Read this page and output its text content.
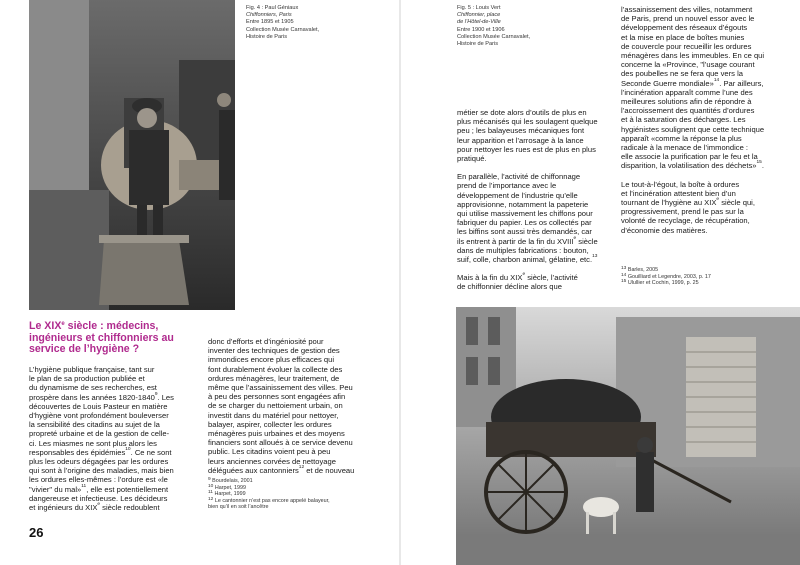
Fig. 4 : Paul Géniaux
Chiffonniers, Paris
Entre 1895 et 1905
Collection Musée Carnavalet,
Histoire de Paris
Le XIXe siècle : médecins,
ingénieurs et chiffonniers au
service de l’hygiène ?
L’hygiène publique française, tant sur
le plan de sa production publiée et
du dynamisme de ses recherches, est
prospère dans les années 1820-1840$^9$. Les
découvertes de Louis Pasteur en matière
d’hygiène vont profondément bouleverser
la sensibilité des citadins au sujet de la
propreté urbaine et de la gestion de celle-
ci. Les miasmes ne sont plus alors les
responsables des épidémies$^{10}$. Ce ne sont
plus les odeurs dégagées par les ordures
qui sont à l’origine des maladies, mais bien
les ordures elles-mêmes : l’ordure est «le
"vivier" du mal»$^{11}$, elle est potentiellement
dangereuse et infectieuse. Les décideurs
et ingénieurs du XIXe siècle redoublent
donc d’efforts et d’ingéniosité pour
inventer des techniques de gestion des
immondices encore plus efficaces qui
font durablement évoluer la collecte des
ordures ménagères, leur traitement, de
même que l’assainissement des villes. Peu
à peu des personnes sont engagées afin
de se charger du nettoiement urbain, on
investit dans du matériel pour nettoyer,
balayer, aspirer, collecter les ordures
ménagères puis urbaines et des moyens
financiers sont alloués à ce service devenu
public. Les citadins voient peu à peu
leurs anciennes corvées de nettoyage
déléguées aux cantonniers$^{12}$ et de nouveau
$^9$ Bourdelais, 2001
$^{10}$ Harpet, 1999
$^{11}$ Harpet, 1999
$^{12}$ Le cantonnier n’est pas encore appelé balayeur,
bien qu’il en soit l’ancêtre
26
Fig. 5 : Louis Vert
Chiffonnier, place
de l’Hôtel-de-Ville
Entre 1900 et 1906
Collection Musée Carnavalet,
Histoire de Paris
métier se dote alors d’outils de plus en
plus mécanisés qui les soulagent quelque
peu ; les balayeuses mécaniques font
leur apparition et l’arrosage à la lance
pour nettoyer les rues est de plus en plus
pratiqué.
En parallèle, l’activité de chiffonnage
prend de l’importance avec le
développement de l’industrie qu’elle
approvisionne, notamment la papeterie
qui utilise massivement les chiffons pour
fabriquer du papier. Les os collectés par
les biffins sont aussi très demandés, car
ils entrent à partir de la fin du XVIIIe siècle
dans de multiples fabrications : bouton,
suif, colle, charbon animal, gélatine, etc.$^{13}$
Mais à la fin du XIXe siècle, l’activité
de chiffonnier décline alors que
l’assainissement des villes, notamment
de Paris, prend un nouvel essor avec le
développement des réseaux d’égouts
et la mise en place de boîtes munies
de couvercle pour recueillir les ordures
ménagères dans les immeubles. En ce qui
concerne la «Province, "l’usage courant
des poubelles ne se fera que vers la
Seconde Guerre mondiale»$^{14}$. Par ailleurs,
l’incinération apparaît comme l’une des
meilleures solutions afin de répondre à
l’accroissement des quantités d’ordures
et à la saturation des décharges. Les
hygiénistes soulignent que cette technique
apparaît «comme la réponse la plus
radicale à la menace de l’immondice :
elle associe la purification par le feu et la
disparition, la volatilisation des déchets»$^{15}$.
Le tout-à-l’égout, la boîte à ordures
et l’incinération attestent bien d’un
tournant de l’hygiène au XIXe siècle qui,
progressivement, prend le pas sur la
volonté de recyclage, de récupération,
d’économie des matières.
$^{13}$ Barles, 2005
$^{14}$ Gouilliard et Legendre, 2003, p. 17
$^{15}$ Ulullier et Cochin, 1999, p. 25
